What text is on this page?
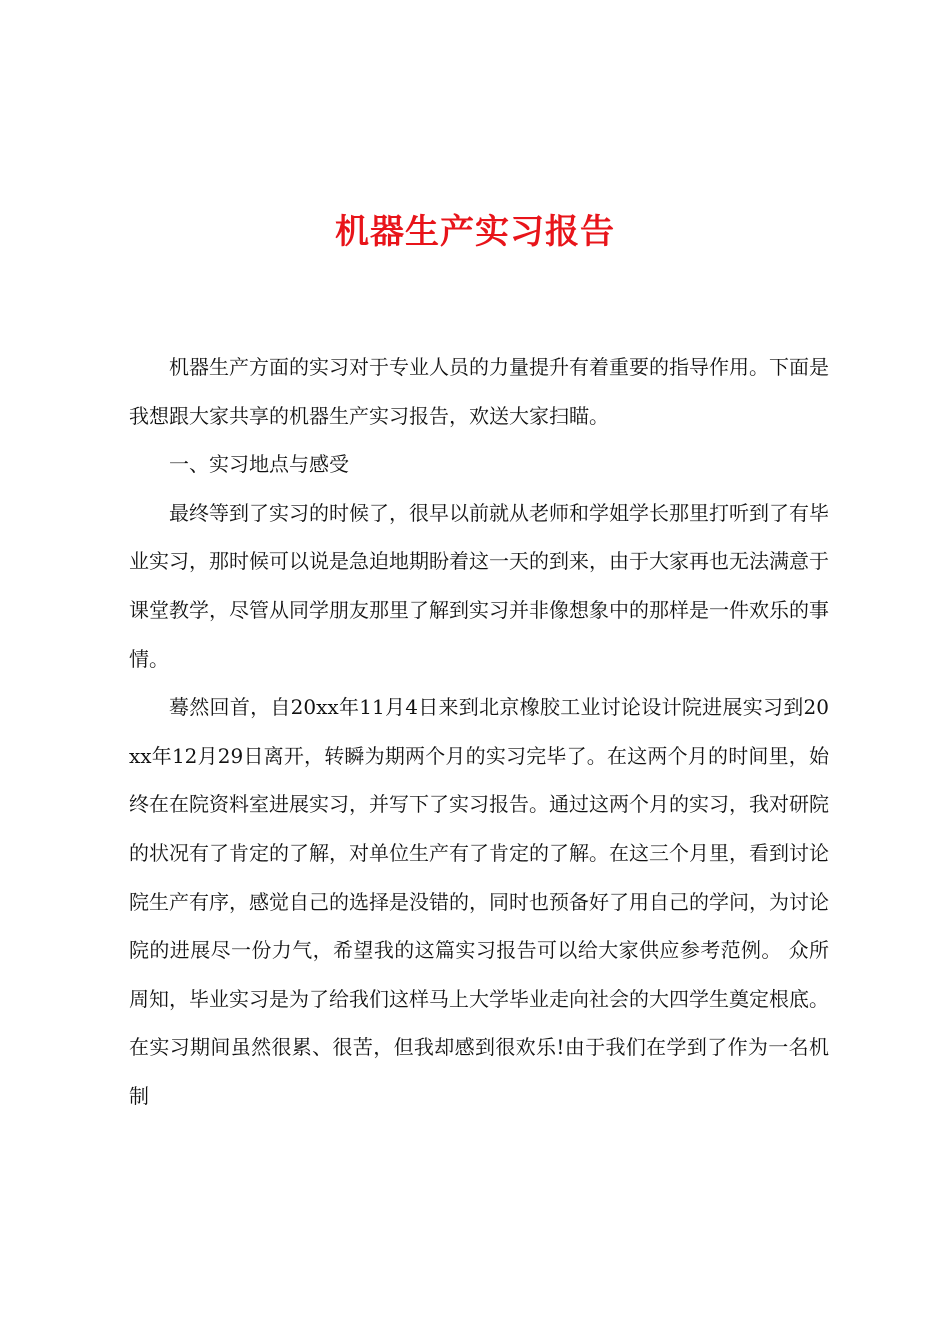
机器生产实习报告

机器生产方面的实习对于专业人员的力量提升有着重要的指导作用。下面是我想跟大家共享的机器生产实习报告，欢送大家扫瞄。

一、实习地点与感受

最终等到了实习的时候了，很早以前就从老师和学姐学长那里打听到了有毕业实习，那时候可以说是急迫地期盼着这一天的到来，由于大家再也无法满意于课堂教学，尽管从同学朋友那里了解到实习并非像想象中的那样是一件欢乐的事情。

蓦然回首，自20xx年11月4日来到北京橡胶工业讨论设计院进展实习到20xx年12月29日离开，转瞬为期两个月的实习完毕了。在这两个月的时间里，始终在在院资料室进展实习，并写下了实习报告。通过这两个月的实习，我对研院的状况有了肯定的了解，对单位生产有了肯定的了解。在这三个月里，看到讨论院生产有序，感觉自己的选择是没错的，同时也预备好了用自己的学问，为讨论院的进展尽一份力气，希望我的这篇实习报告可以给大家供应参考范例。 众所周知，毕业实习是为了给我们这样马上大学毕业走向社会的大四学生奠定根底。在实习期间虽然很累、很苦，但我却感到很欢乐!由于我们在学到了作为一名机制
